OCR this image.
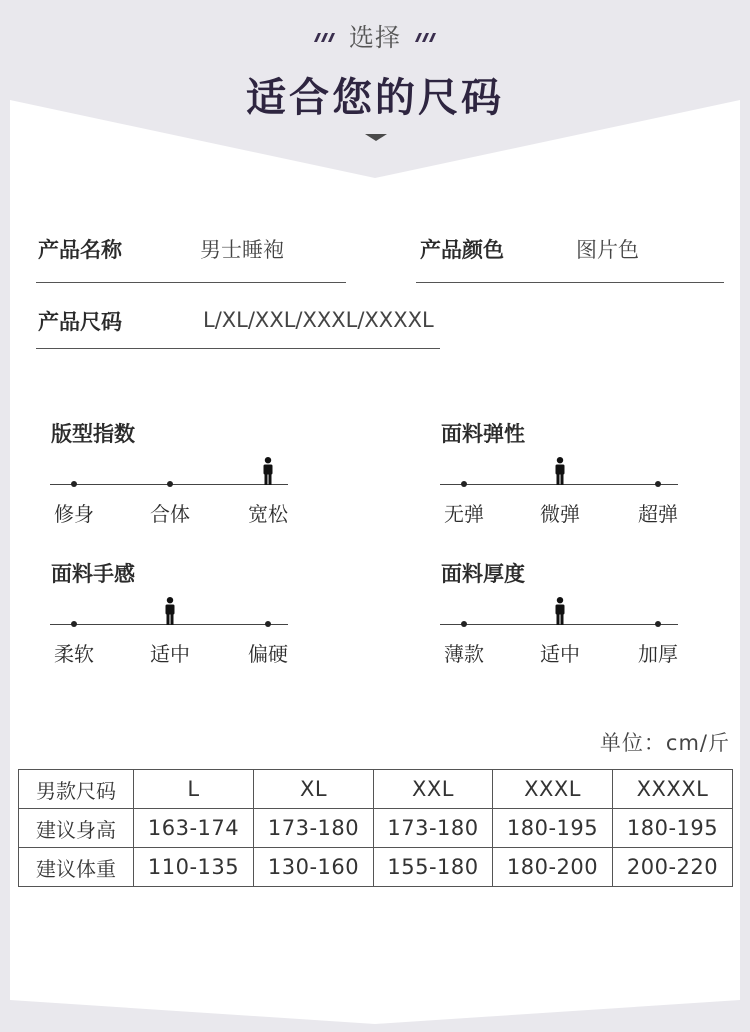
选择
适合您的尺码
产品名称	男士睡袍	产品颜色	图片色
产品尺码	L/XL/XXL/XXXL/XXXXL
版型指数
修身	合体	宽松
面料弹性
无弹	微弹	超弹
面料手感
柔软	适中	偏硬
面料厚度
薄款	适中	加厚
单位：cm/斤
男款尺码	L	XL	XXL	XXXL	XXXXL
建议身高	163-174	173-180	173-180	180-195	180-195
建议体重	110-135	130-160	155-180	180-200	200-220
